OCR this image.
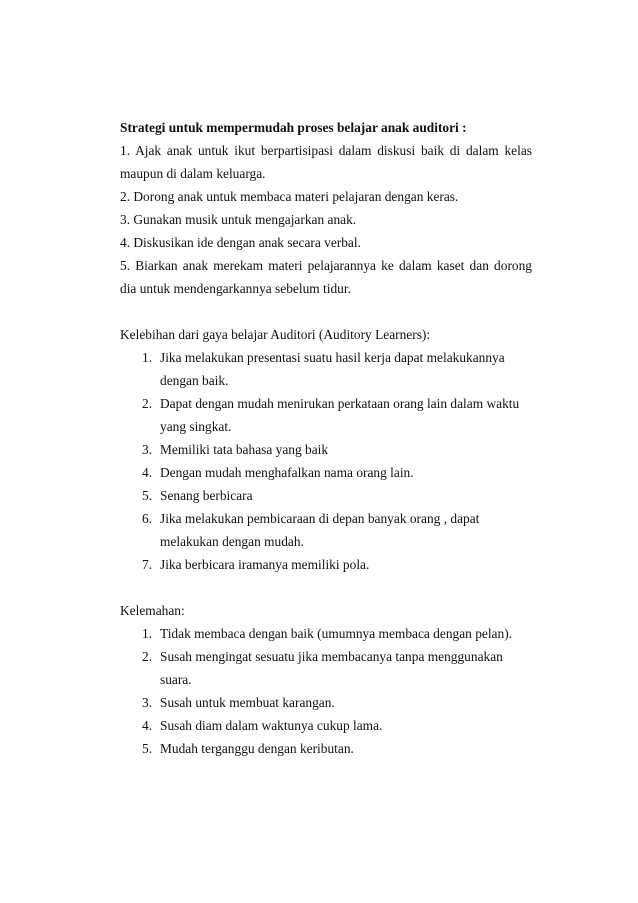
Strategi untuk mempermudah proses belajar anak auditori :

1. Ajak anak untuk ikut berpartisipasi dalam diskusi baik di dalam kelas maupun di dalam keluarga.

2. Dorong anak untuk membaca materi pelajaran dengan keras.

3. Gunakan musik untuk mengajarkan anak.

4. Diskusikan ide dengan anak secara verbal.

5. Biarkan anak merekam materi pelajarannya ke dalam kaset dan dorong dia untuk mendengarkannya sebelum tidur.

Kelebihan dari gaya belajar Auditori (Auditory Learners):

1. Jika melakukan presentasi suatu hasil kerja dapat melakukannya dengan baik.
2. Dapat dengan mudah menirukan perkataan orang lain dalam waktu yang singkat.
3. Memiliki tata bahasa yang baik
4. Dengan mudah menghafalkan nama orang lain.
5. Senang berbicara
6. Jika melakukan pembicaraan di depan banyak orang , dapat melakukan dengan mudah.
7. Jika berbicara iramanya memiliki pola.

Kelemahan:

1. Tidak membaca dengan baik (umumnya membaca dengan pelan).
2. Susah mengingat sesuatu jika membacanya tanpa menggunakan suara.
3. Susah untuk membuat karangan.
4. Susah diam dalam waktunya cukup lama.
5. Mudah terganggu dengan keributan.
